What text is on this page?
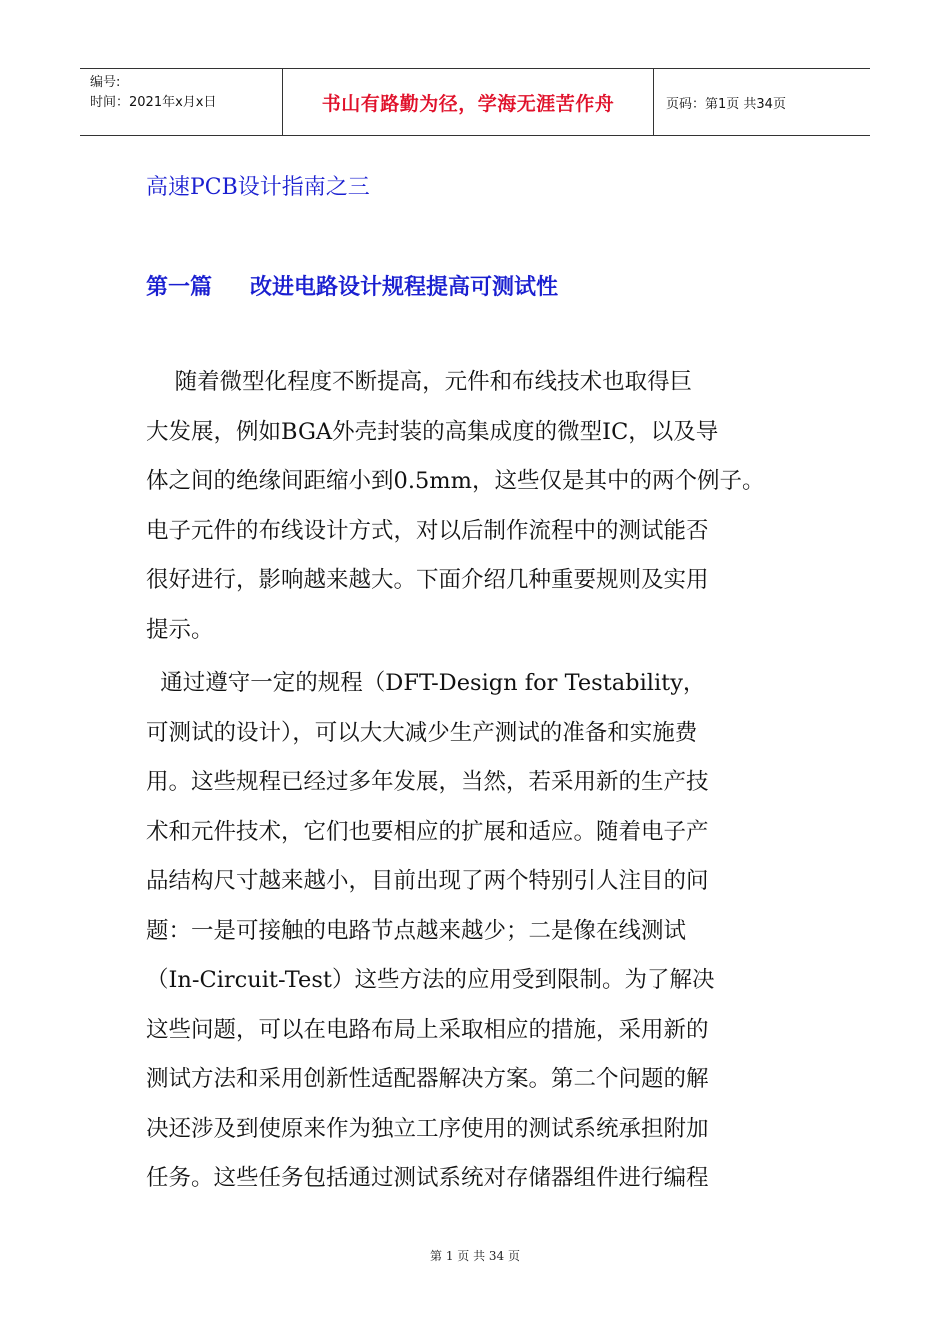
编号:
时间：2021年x月x日	书山有路勤为径，学海无涯苦作舟	页码：第1页 共34页
高速PCB设计指南之三
第一篇 改进电路设计规程提高可测试性
随着微型化程度不断提高，元件和布线技术也取得巨
大发展，例如BGA外壳封装的高集成度的微型IC，以及导
体之间的绝缘间距缩小到0.5mm，这些仅是其中的两个例子。
电子元件的布线设计方式，对以后制作流程中的测试能否
很好进行，影响越来越大。下面介绍几种重要规则及实用
提示。
通过遵守一定的规程（DFT-Design for Testability，
可测试的设计），可以大大减少生产测试的准备和实施费
用。这些规程已经过多年发展，当然，若采用新的生产技
术和元件技术，它们也要相应的扩展和适应。随着电子产
品结构尺寸越来越小，目前出现了两个特别引人注目的问
题：一是可接触的电路节点越来越少；二是像在线测试
（In-Circuit-Test）这些方法的应用受到限制。为了解决
这些问题，可以在电路布局上采取相应的措施，采用新的
测试方法和采用创新性适配器解决方案。第二个问题的解
决还涉及到使原来作为独立工序使用的测试系统承担附加
任务。这些任务包括通过测试系统对存储器组件进行编程
第 1 页 共 34 页
